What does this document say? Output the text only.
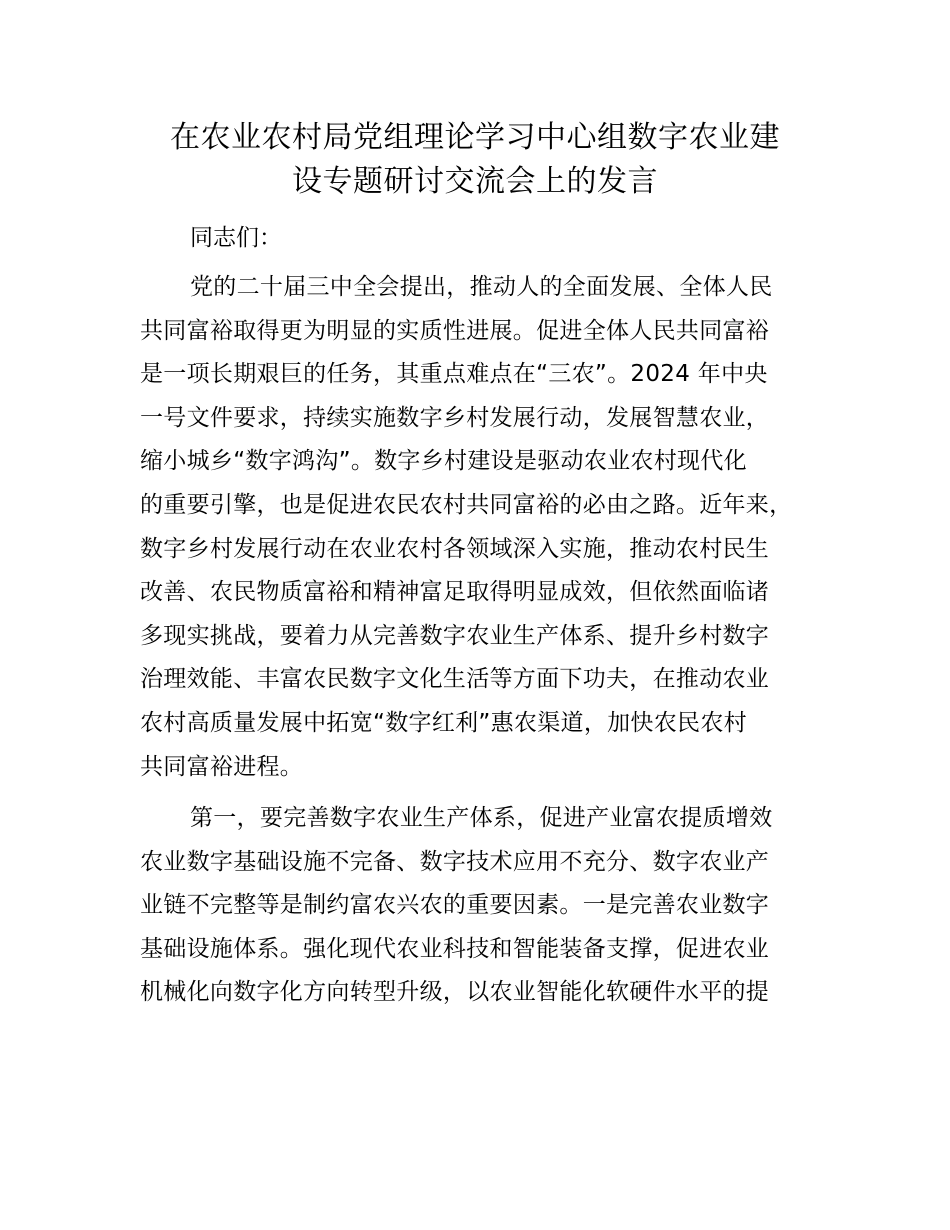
在农业农村局党组理论学习中心组数字农业建
设专题研讨交流会上的发言

同志们：

党的二十届三中全会提出，推动人的全面发展、全体人民
共同富裕取得更为明显的实质性进展。促进全体人民共同富裕
是一项长期艰巨的任务，其重点难点在“三农”。2024 年中央
一号文件要求，持续实施数字乡村发展行动，发展智慧农业，
缩小城乡“数字鸿沟”。数字乡村建设是驱动农业农村现代化
的重要引擎，也是促进农民农村共同富裕的必由之路。近年来，
数字乡村发展行动在农业农村各领域深入实施，推动农村民生
改善、农民物质富裕和精神富足取得明显成效，但依然面临诸
多现实挑战，要着力从完善数字农业生产体系、提升乡村数字
治理效能、丰富农民数字文化生活等方面下功夫，在推动农业
农村高质量发展中拓宽“数字红利”惠农渠道，加快农民农村
共同富裕进程。
第一，要完善数字农业生产体系，促进产业富农提质增效
农业数字基础设施不完备、数字技术应用不充分、数字农业产
业链不完整等是制约富农兴农的重要因素。一是完善农业数字
基础设施体系。强化现代农业科技和智能装备支撑，促进农业
机械化向数字化方向转型升级，以农业智能化软硬件水平的提
